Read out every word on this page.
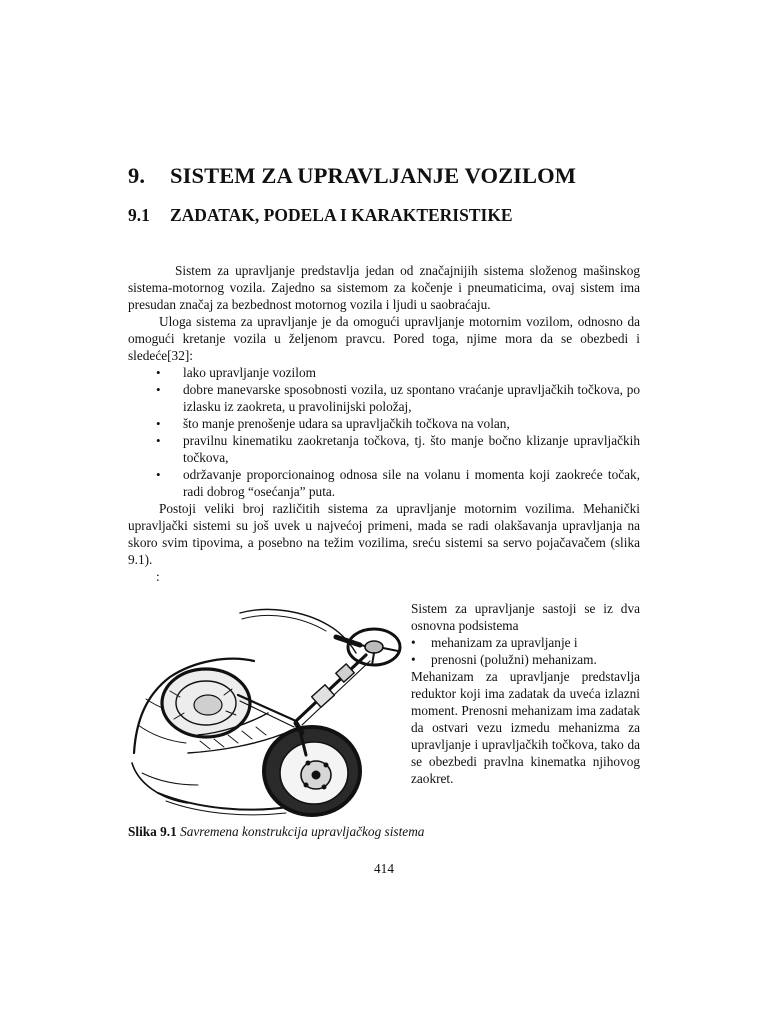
9. SISTEM ZA UPRAVLJANJE VOZILOM
9.1 ZADATAK, PODELA I KARAKTERISTIKE

Sistem za upravljanje predstavlja jedan od značajnijih sistema složenog mašinskog sistema-motornog vozila. Zajedno sa sistemom za kočenje i pneumaticima, ovaj sistem ima presudan značaj za bezbednost motornog vozila i ljudi u saobraćaju.

Uloga sistema za upravljanje je da omogući upravljanje motornim vozilom, odnosno da omogući kretanje vozila u željenom pravcu. Pored toga, njime mora da se obezbedi i sledeće[32]:

• lako upravljanje vozilom
• dobre manevarske sposobnosti vozila, uz spontano vraćanje upravljačkih točkova, po izlasku iz zaokreta, u pravolinijski položaj,
• što manje prenošenje udara sa upravljačkih točkova na volan,
• pravilnu kinematiku zaokretanja točkova, tj. što manje bočno klizanje upravljačkih točkova,
• održavanje proporcionainog odnosa sile na volanu i momenta koji zaokreće točak, radi dobrog “osećanja” puta.

Postoji veliki broj različitih sistema za upravljanje motornim vozilima. Mehanički upravljački sistemi su još uvek u najvećoj primeni, mada se radi olakšavanja upravljanja na skoro svim tipovima, a posebno na težim vozilima, sreću sistemi sa servo pojačavačem (slika 9.1).

:

Sistem za upravljanje sastoji se iz dva osnovna podsistema

• mehanizam za upravljanje i

• prenosni (polužni) mehanizam.

Mehanizam za upravljanje predstavlja reduktor koji ima zadatak da uveća izlazni moment. Prenosni mehanizam ima zadatak da ostvari vezu izmedu mehanizma za upravljanje i upravljačkih točkova, tako da se obezbedi pravlna kinematka njihovog zaokret.

Slika 9.1 Savremena konstrukcija upravljačkog sistema
414
